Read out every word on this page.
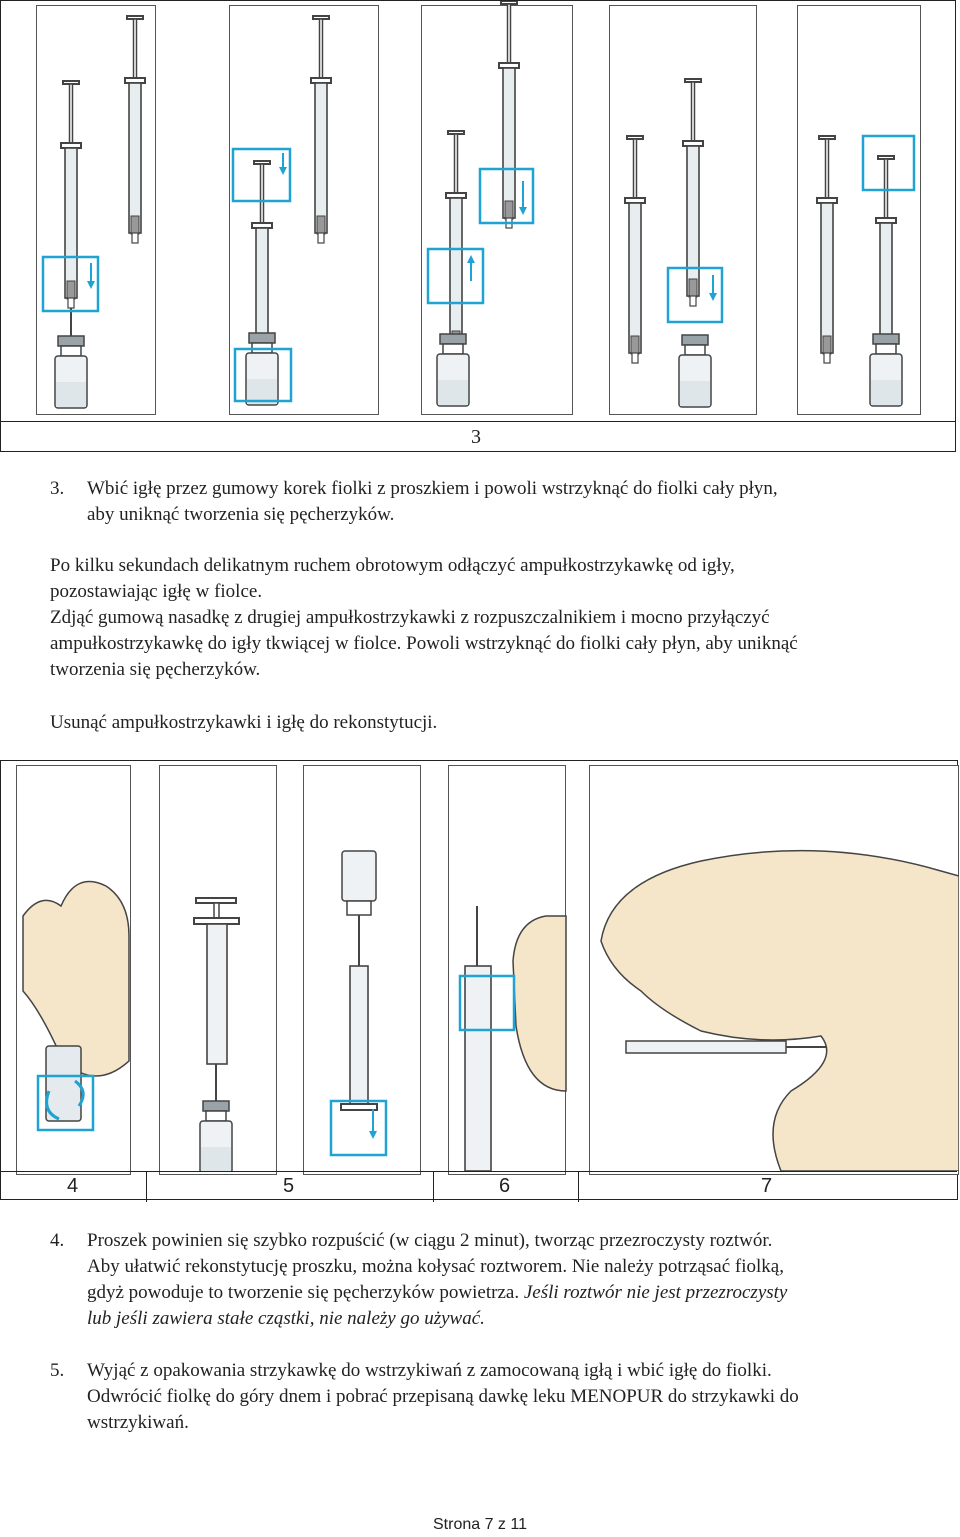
3
3. Wbić igłę przez gumowy korek fiolki z proszkiem i powoli wstrzyknąć do fiolki cały płyn,
aby uniknąć tworzenia się pęcherzyków.
Po kilku sekundach delikatnym ruchem obrotowym odłączyć ampułkostrzykawkę od igły,
pozostawiając igłę w fiolce.
Zdjąć gumową nasadkę z drugiej ampułkostrzykawki z rozpuszczalnikiem i mocno przyłączyć
ampułkostrzykawkę do igły tkwiącej w fiolce. Powoli wstrzyknąć do fiolki cały płyn, aby uniknąć
tworzenia się pęcherzyków.
Usunąć ampułkostrzykawki i igłę do rekonstytucji.
4	5	6	7
4. Proszek powinien się szybko rozpuścić (w ciągu 2 minut), tworząc przezroczysty roztwór.
Aby ułatwić rekonstytucję proszku, można kołysać roztworem. Nie należy potrząsać fiolką,
gdyż powoduje to tworzenie się pęcherzyków powietrza. Jeśli roztwór nie jest przezroczysty
lub jeśli zawiera stałe cząstki, nie należy go używać.
5. Wyjąć z opakowania strzykawkę do wstrzykiwań z zamocowaną igłą i wbić igłę do fiolki.
Odwrócić fiolkę do góry dnem i pobrać przepisaną dawkę leku MENOPUR do strzykawki do
wstrzykiwań.
Strona 7 z 11
